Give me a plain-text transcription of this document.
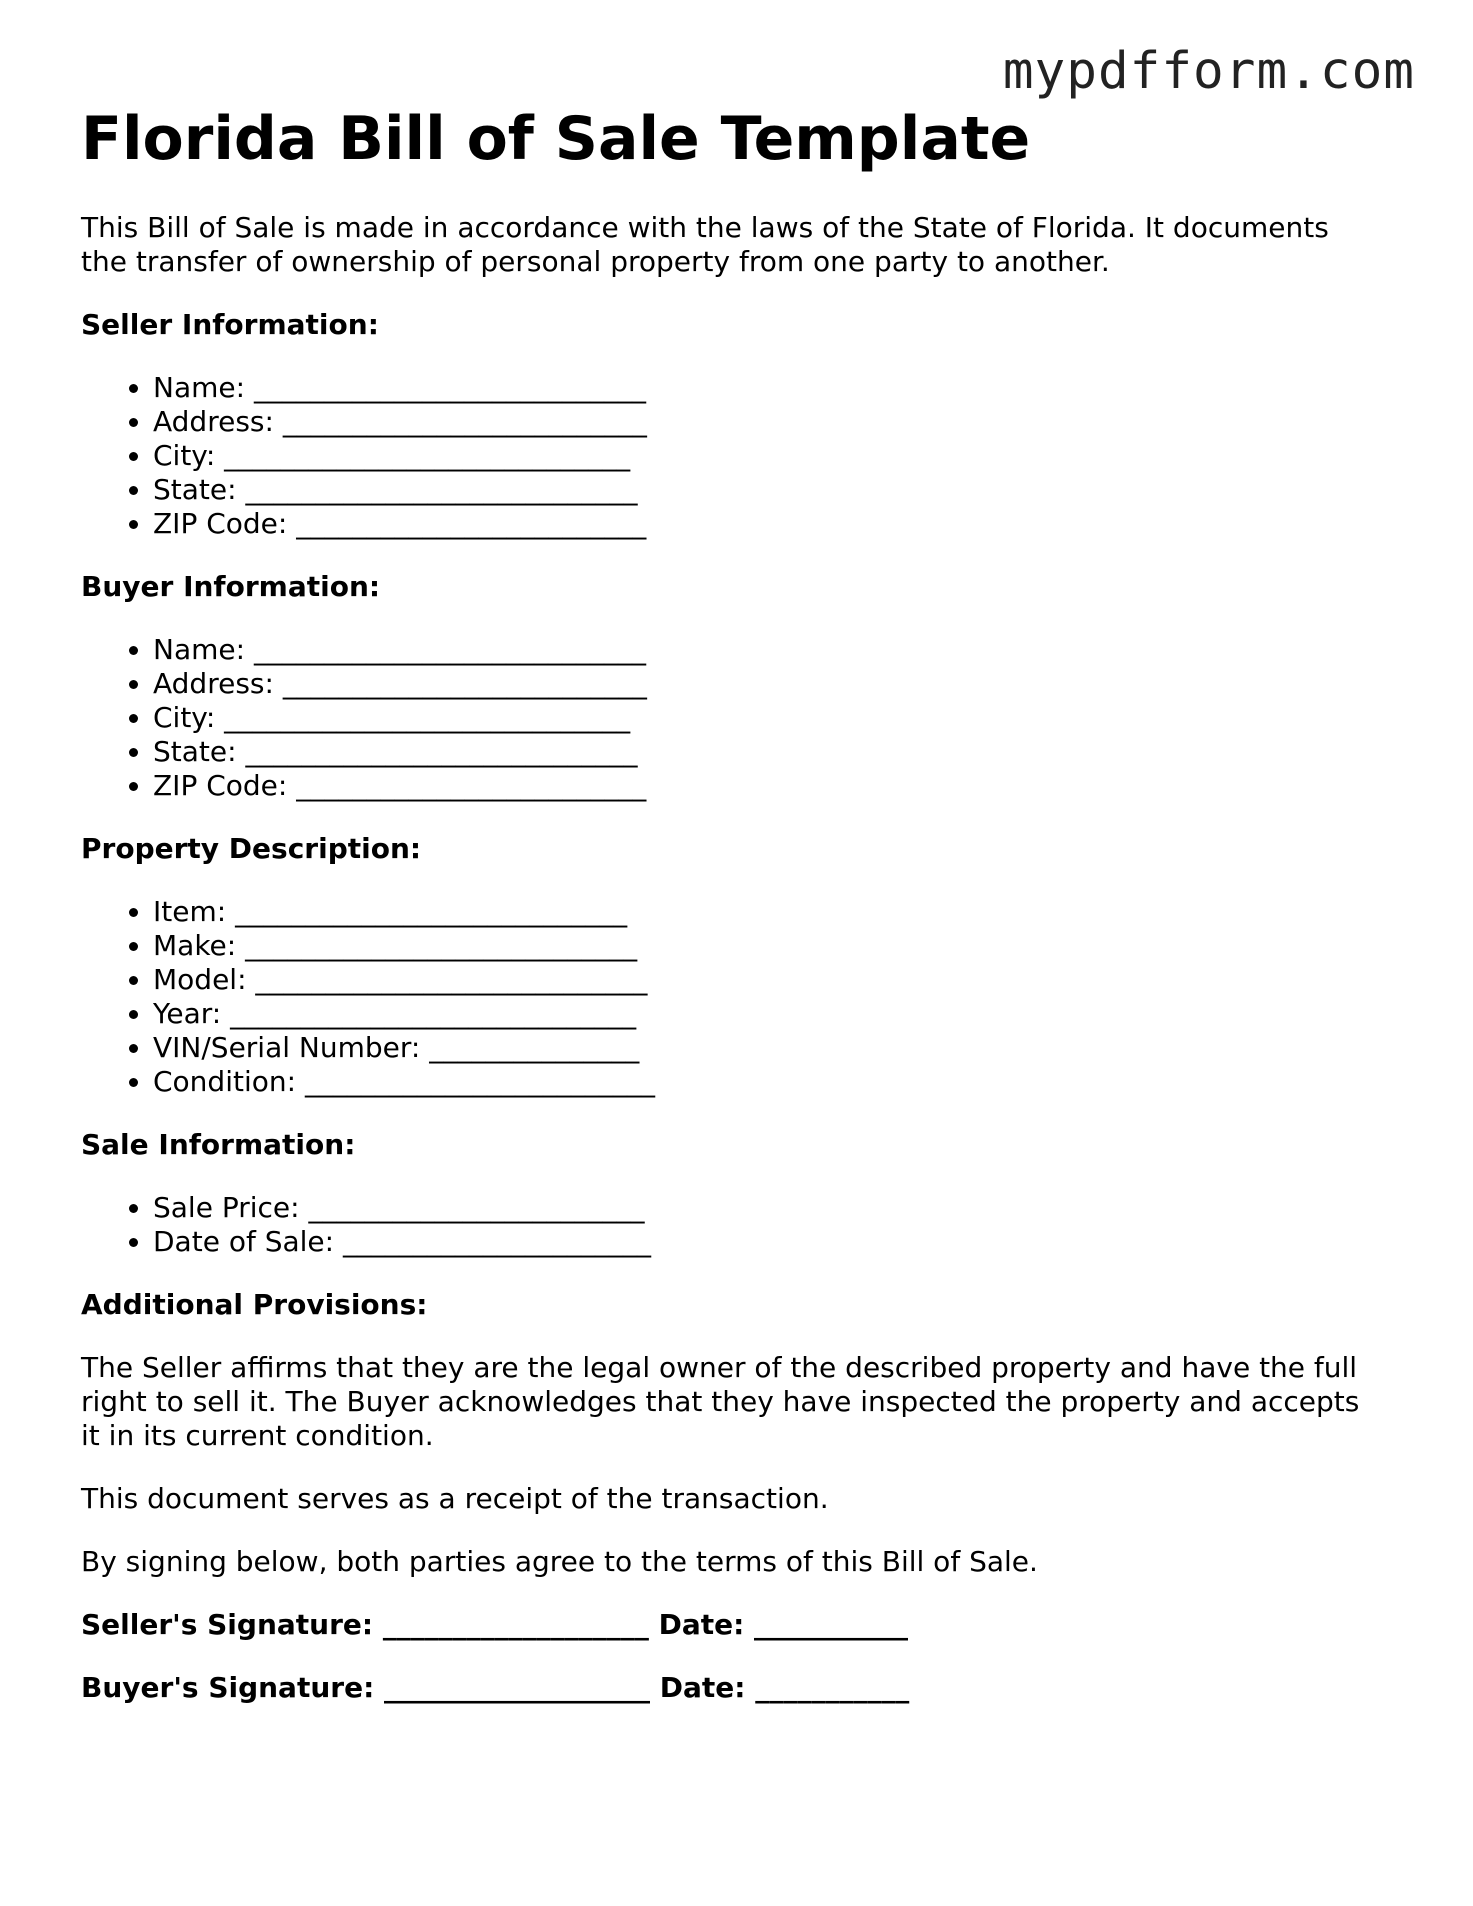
mypdfform.com
Florida Bill of Sale Template

This Bill of Sale is made in accordance with the laws of the State of Florida. It documents the transfer of ownership of personal property from one party to another.

Seller Information:

• Name: ____________________________
• Address: __________________________
• City: _____________________________
• State: ____________________________
• ZIP Code: _________________________

Buyer Information:

• Name: ____________________________
• Address: __________________________
• City: _____________________________
• State: ____________________________
• ZIP Code: _________________________

Property Description:

• Item: ____________________________
• Make: ____________________________
• Model: ____________________________
• Year: _____________________________
• VIN/Serial Number: _______________
• Condition: _________________________

Sale Information:

• Sale Price: ________________________
• Date of Sale: ______________________

Additional Provisions:

The Seller affirms that they are the legal owner of the described property and have the full right to sell it. The Buyer acknowledges that they have inspected the property and accepts it in its current condition.

This document serves as a receipt of the transaction.

By signing below, both parties agree to the terms of this Bill of Sale.

Seller's Signature: ___________________ Date: ___________

Buyer's Signature: ___________________ Date: ___________
